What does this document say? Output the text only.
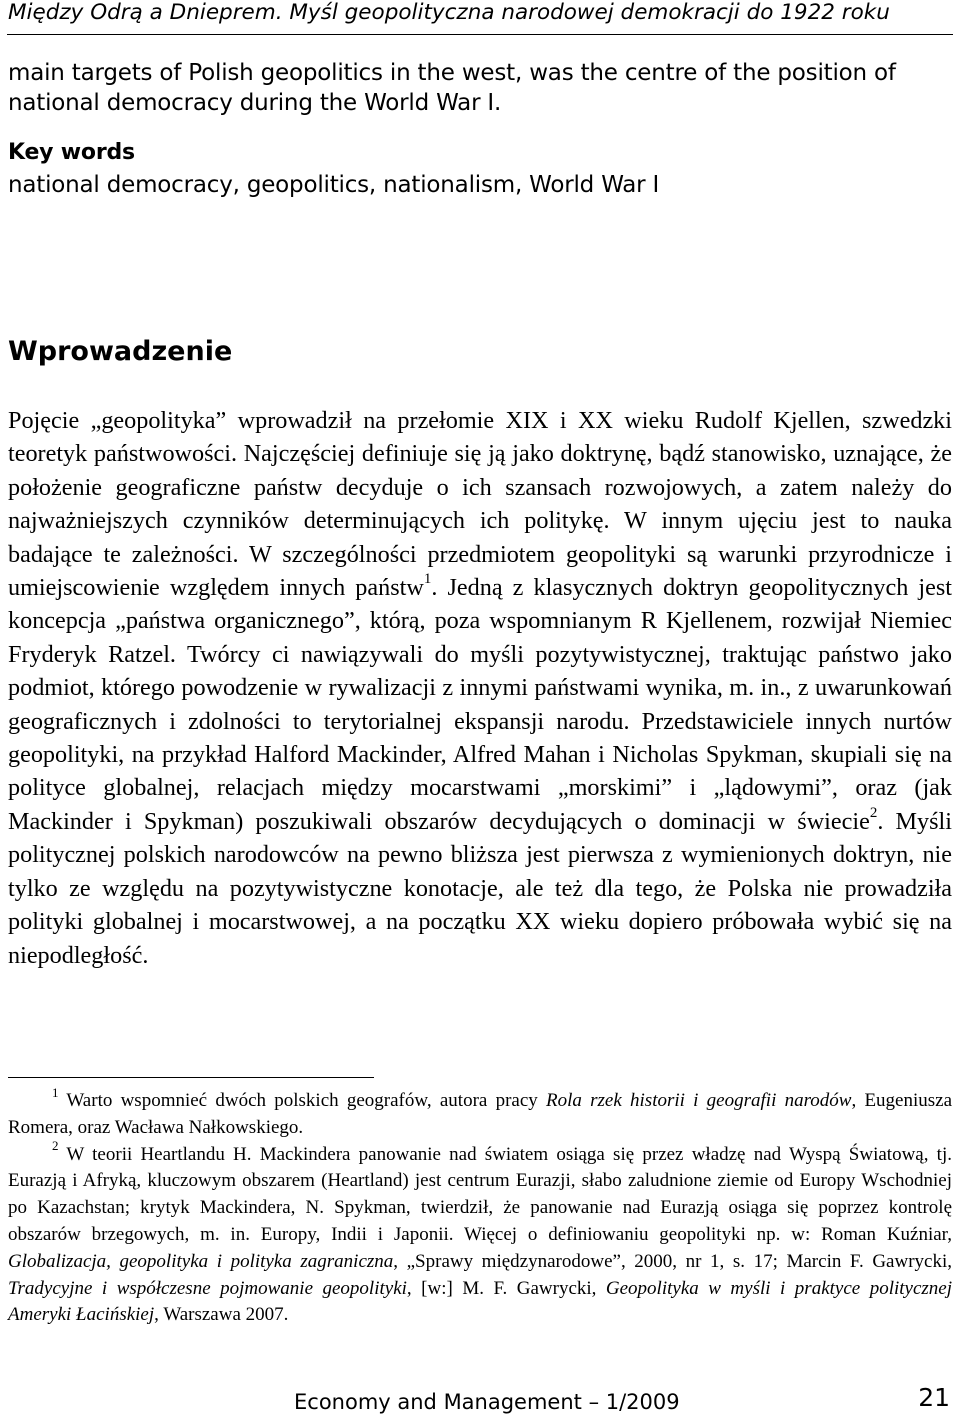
Między Odrą a Dnieprem. Myśl geopolityczna narodowej demokracji do 1922 roku
main targets of Polish geopolitics in the west, was the centre of the position of national democracy during the World War I.
Key words
national democracy, geopolitics, nationalism, World War I
Wprowadzenie

Pojęcie „geopolityka” wprowadził na przełomie XIX i XX wieku Rudolf Kjellen, szwedzki teoretyk państwowości. Najczęściej definiuje się ją jako doktrynę, bądź stanowisko, uznające, że położenie geograficzne państw decyduje o ich szansach rozwojowych, a zatem należy do najważniejszych czynników determinujących ich politykę. W innym ujęciu jest to nauka badające te zależności. W szczególności przedmiotem geopolityki są warunki przyrodnicze i umiejscowienie względem innych państw$^1$. Jedną z klasycznych doktryn geopolitycznych jest koncepcja „państwa organicznego”, którą, poza wspomnianym R Kjellenem, rozwijał Niemiec Fryderyk Ratzel. Twórcy ci nawiązywali do myśli pozytywistycznej, traktując państwo jako podmiot, którego powodzenie w rywalizacji z innymi państwami wynika, m. in., z uwarunkowań geograficznych i zdolności to terytorialnej ekspansji narodu. Przedstawiciele innych nurtów geopolityki, na przykład Halford Mackinder, Alfred Mahan i Nicholas Spykman, skupiali się na polityce globalnej, relacjach między mocarstwami „morskimi” i „lądowymi”, oraz (jak Mackinder i Spykman) poszukiwali obszarów decydujących o dominacji w świecie$^2$. Myśli politycznej polskich narodowców na pewno bliższa jest pierwsza z wymienionych doktryn, nie tylko ze względu na pozytywistyczne konotacje, ale też dla tego, że Polska nie prowadziła polityki globalnej i mocarstwowej, a na początku XX wieku dopiero próbowała wybić się na niepodległość.

$^1$ Warto wspomnieć dwóch polskich geografów, autora pracy Rola rzek historii i geografii narodów, Eugeniusza Romera, oraz Wacława Nałkowskiego.

$^2$ W teorii Heartlandu H. Mackindera panowanie nad światem osiąga się przez władzę nad Wyspą Światową, tj. Eurazją i Afryką, kluczowym obszarem (Heartland) jest centrum Eurazji, słabo zaludnione ziemie od Europy Wschodniej po Kazachstan; krytyk Mackindera, N. Spykman, twierdził, że panowanie nad Eurazją osiąga się poprzez kontrolę obszarów brzegowych, m. in. Europy, Indii i Japonii. Więcej o definiowaniu geopolityki np. w: Roman Kuźniar, Globalizacja, geopolityka i polityka zagraniczna, „Sprawy międzynarodowe”, 2000, nr 1, s. 17; Marcin F. Gawrycki, Tradycyjne i współczesne pojmowanie geopolityki, [w:] M. F. Gawrycki, Geopolityka w myśli i praktyce politycznej Ameryki Łacińskiej, Warszawa 2007.

Economy and Management – 1/2009	21
